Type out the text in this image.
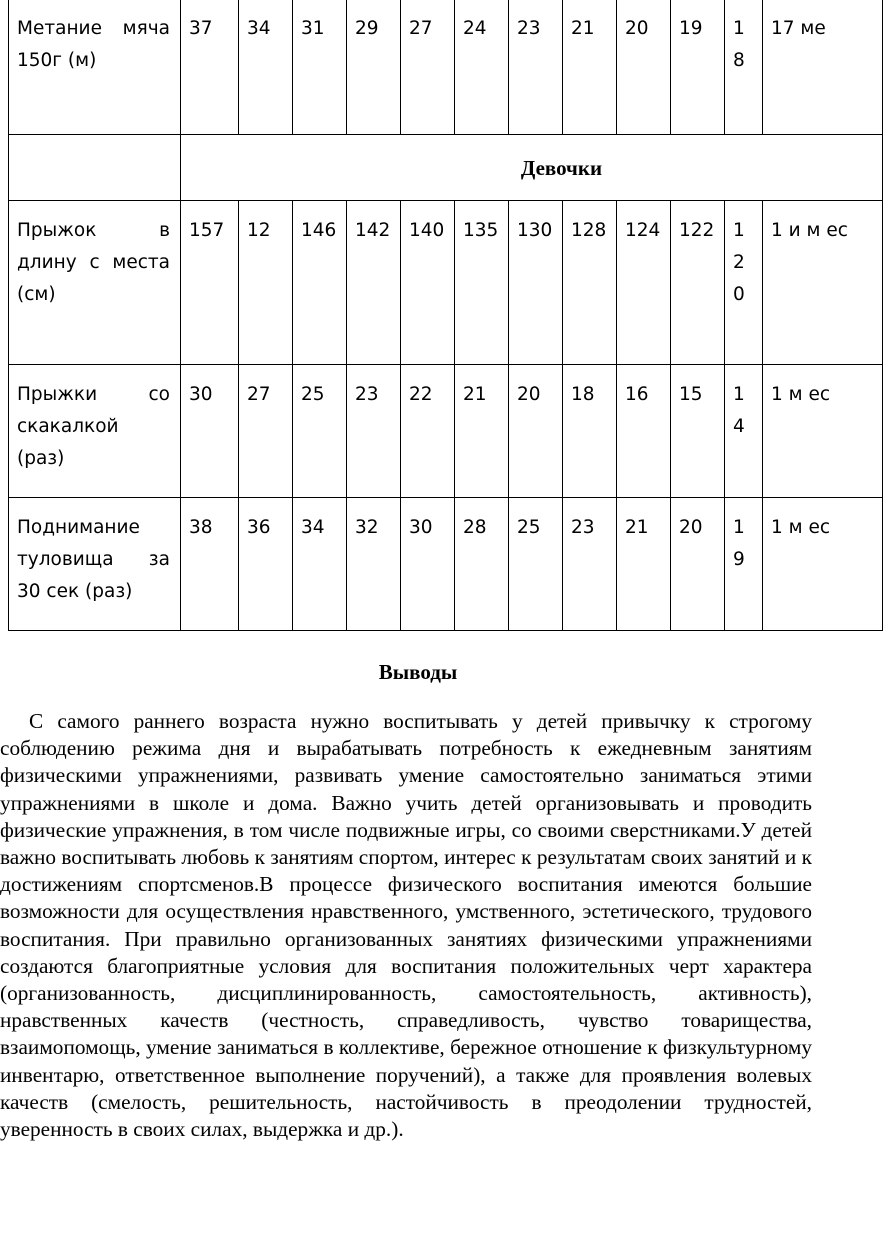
Метание мяча 150г (м)	37	34	31	29	27	24	23	21	20	19	18	17 ме
	Девочки											
Прыжок в длину с места (см)	157	12	146	142	140	135	130	128	124	122	120	1 и м ес
Прыжки со скакалкой (раз)	30	27	25	23	22	21	20	18	16	15	14	1 м ес
Поднимание туловища за 30 сек (раз)	38	36	34	32	30	28	25	23	21	20	19	1 м ес
Выводы

С самого раннего возраста нужно воспитывать у детей привычку к строгому соблюдению режима дня и вырабатывать потребность к ежедневным занятиям физическими упражнениями, развивать умение самостоятельно заниматься этими упражнениями в школе и дома. Важно учить детей организовывать и проводить физические упражнения, в том числе подвижные игры, со своими сверстниками.У детей важно воспитывать любовь к занятиям спортом, интерес к результатам своих занятий и к достижениям спортсменов.В процессе физического воспитания имеются большие возможности для осуществления нравственного, умственного, эстетического, трудового воспитания. При правильно организованных занятиях физическими упражнениями создаются благоприятные условия для воспитания положительных черт характера (организованность, дисциплинированность, самостоятельность, активность), нравственных качеств (честность, справедливость, чувство товарищества, взаимопомощь, умение заниматься в коллективе, бережное отношение к физкультурному инвентарю, ответственное выполнение поручений), а также для проявления волевых качеств (смелость, решительность, настойчивость в преодолении трудностей, уверенность в своих силах, выдержка и др.).
